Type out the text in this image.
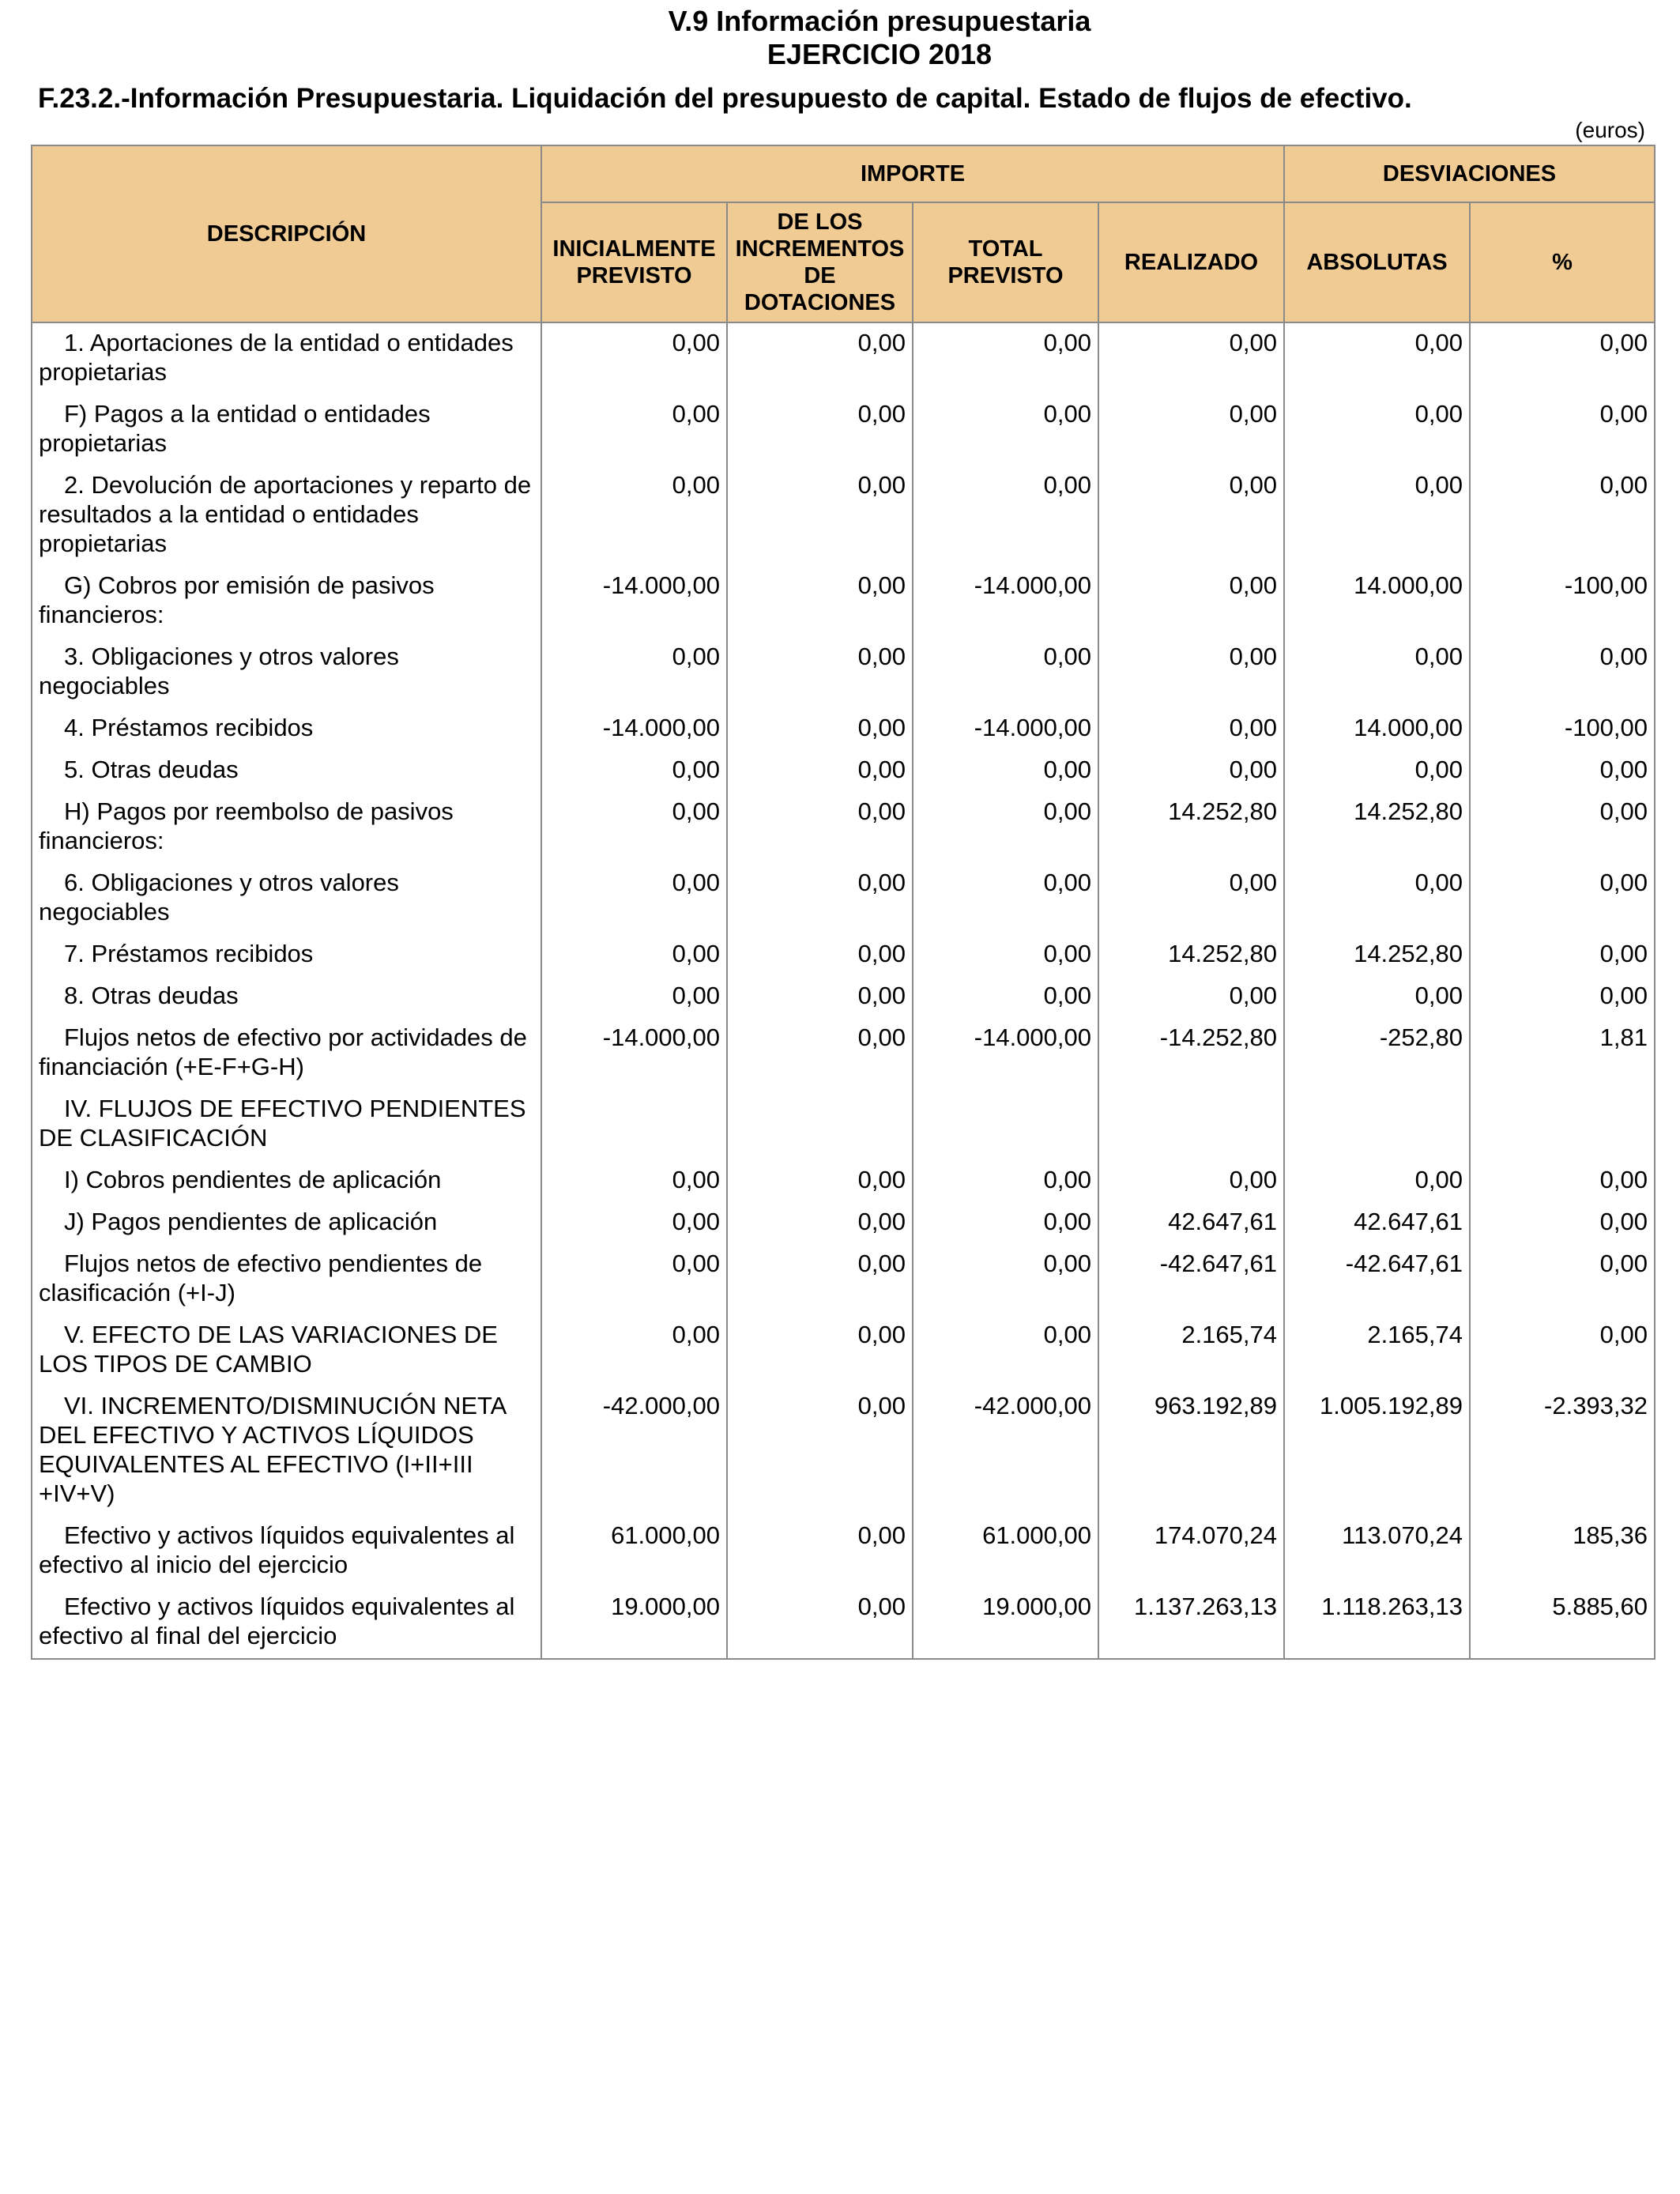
V.9 Información presupuestaria
EJERCICIO 2018
F.23.2.-Información Presupuestaria. Liquidación del presupuesto de capital. Estado de flujos de efectivo.
(euros)
DESCRIPCIÓN	IMPORTE				DESVIACIONES	
	INICIALMENTE PREVISTO	DE LOS INCREMENTOS DE DOTACIONES	TOTAL PREVISTO	REALIZADO	ABSOLUTAS	%
1. Aportaciones de la entidad o entidades propietarias	0,00	0,00	0,00	0,00	0,00	0,00
F) Pagos a la entidad o entidades propietarias	0,00	0,00	0,00	0,00	0,00	0,00
2. Devolución de aportaciones y reparto de resultados a la entidad o entidades propietarias	0,00	0,00	0,00	0,00	0,00	0,00
G) Cobros por emisión de pasivos financieros:	-14.000,00	0,00	-14.000,00	0,00	14.000,00	-100,00
3. Obligaciones y otros valores negociables	0,00	0,00	0,00	0,00	0,00	0,00
4. Préstamos recibidos	-14.000,00	0,00	-14.000,00	0,00	14.000,00	-100,00
5. Otras deudas	0,00	0,00	0,00	0,00	0,00	0,00
H) Pagos por reembolso de pasivos financieros:	0,00	0,00	0,00	14.252,80	14.252,80	0,00
6. Obligaciones y otros valores negociables	0,00	0,00	0,00	0,00	0,00	0,00
7. Préstamos recibidos	0,00	0,00	0,00	14.252,80	14.252,80	0,00
8. Otras deudas	0,00	0,00	0,00	0,00	0,00	0,00
Flujos netos de efectivo por actividades de financiación (+E-F+G-H)	-14.000,00	0,00	-14.000,00	-14.252,80	-252,80	1,81
IV. FLUJOS DE EFECTIVO PENDIENTES DE CLASIFICACIÓN						
I) Cobros pendientes de aplicación	0,00	0,00	0,00	0,00	0,00	0,00
J) Pagos pendientes de aplicación	0,00	0,00	0,00	42.647,61	42.647,61	0,00
Flujos netos de efectivo pendientes de clasificación (+I-J)	0,00	0,00	0,00	-42.647,61	-42.647,61	0,00
V. EFECTO DE LAS VARIACIONES DE LOS TIPOS DE CAMBIO	0,00	0,00	0,00	2.165,74	2.165,74	0,00
VI. INCREMENTO/DISMINUCIÓN NETA DEL EFECTIVO Y ACTIVOS LÍQUIDOS EQUIVALENTES AL EFECTIVO (I+II+III +IV+V)	-42.000,00	0,00	-42.000,00	963.192,89	1.005.192,89	-2.393,32
Efectivo y activos líquidos equivalentes al efectivo al inicio del ejercicio	61.000,00	0,00	61.000,00	174.070,24	113.070,24	185,36
Efectivo y activos líquidos equivalentes al efectivo al final del ejercicio	19.000,00	0,00	19.000,00	1.137.263,13	1.118.263,13	5.885,60
